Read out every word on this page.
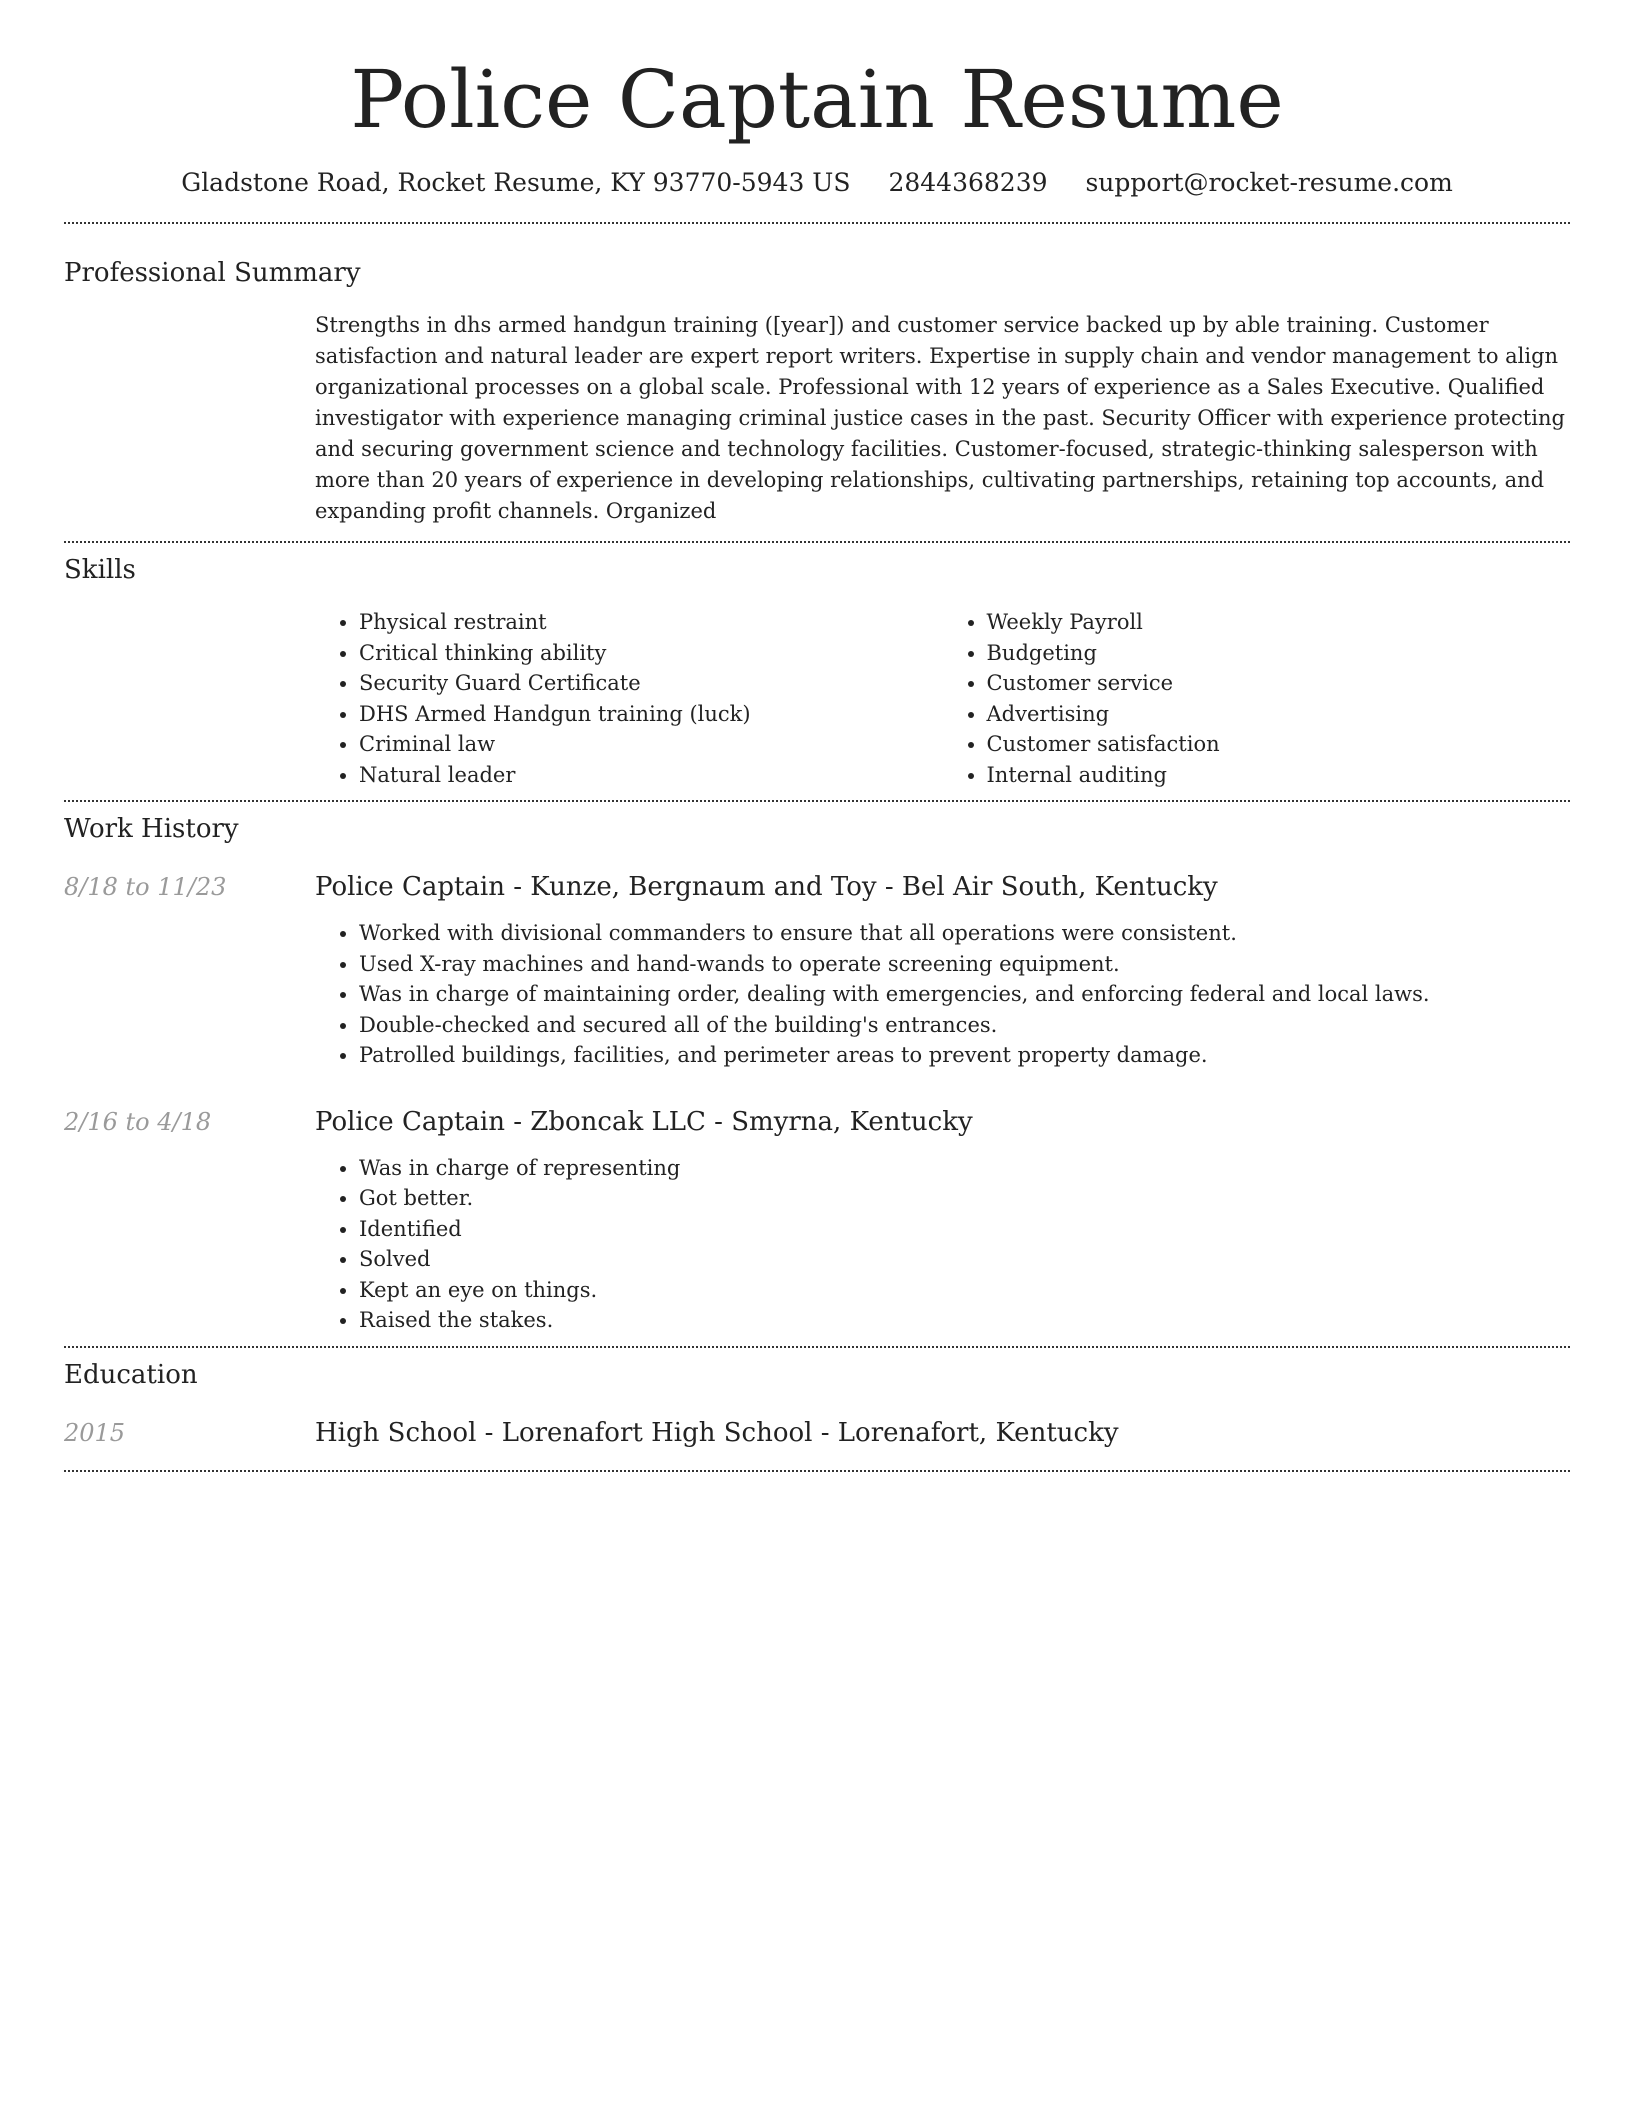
Police Captain Resume
Gladstone Road, Rocket Resume, KY 93770-5943 US 2844368239 support@rocket-resume.com
Professional Summary

Strengths in dhs armed handgun training ([year]) and customer service backed up by able training. Customer satisfaction and natural leader are expert report writers. Expertise in supply chain and vendor management to align organizational processes on a global scale. Professional with 12 years of experience as a Sales Executive. Qualified investigator with experience managing criminal justice cases in the past. Security Officer with experience protecting and securing government science and technology facilities. Customer-focused, strategic-thinking salesperson with more than 20 years of experience in developing relationships, cultivating partnerships, retaining top accounts, and expanding profit channels. Organized

Skills
• Physical restraint
• Critical thinking ability
• Security Guard Certificate
• DHS Armed Handgun training (luck)
• Criminal law
• Natural leader
• Weekly Payroll
• Budgeting
• Customer service
• Advertising
• Customer satisfaction
• Internal auditing
Work History
8/18 to 11/23	Police Captain - Kunze, Bergnaum and Toy - Bel Air South, Kentucky
• Worked with divisional commanders to ensure that all operations were consistent.
• Used X-ray machines and hand-wands to operate screening equipment.
• Was in charge of maintaining order, dealing with emergencies, and enforcing federal and local laws.
• Double-checked and secured all of the building's entrances.
• Patrolled buildings, facilities, and perimeter areas to prevent property damage.
2/16 to 4/18	Police Captain - Zboncak LLC - Smyrna, Kentucky
• Was in charge of representing
• Got better.
• Identified
• Solved
• Kept an eye on things.
• Raised the stakes.
Education
2015	High School - Lorenafort High School - Lorenafort, Kentucky
